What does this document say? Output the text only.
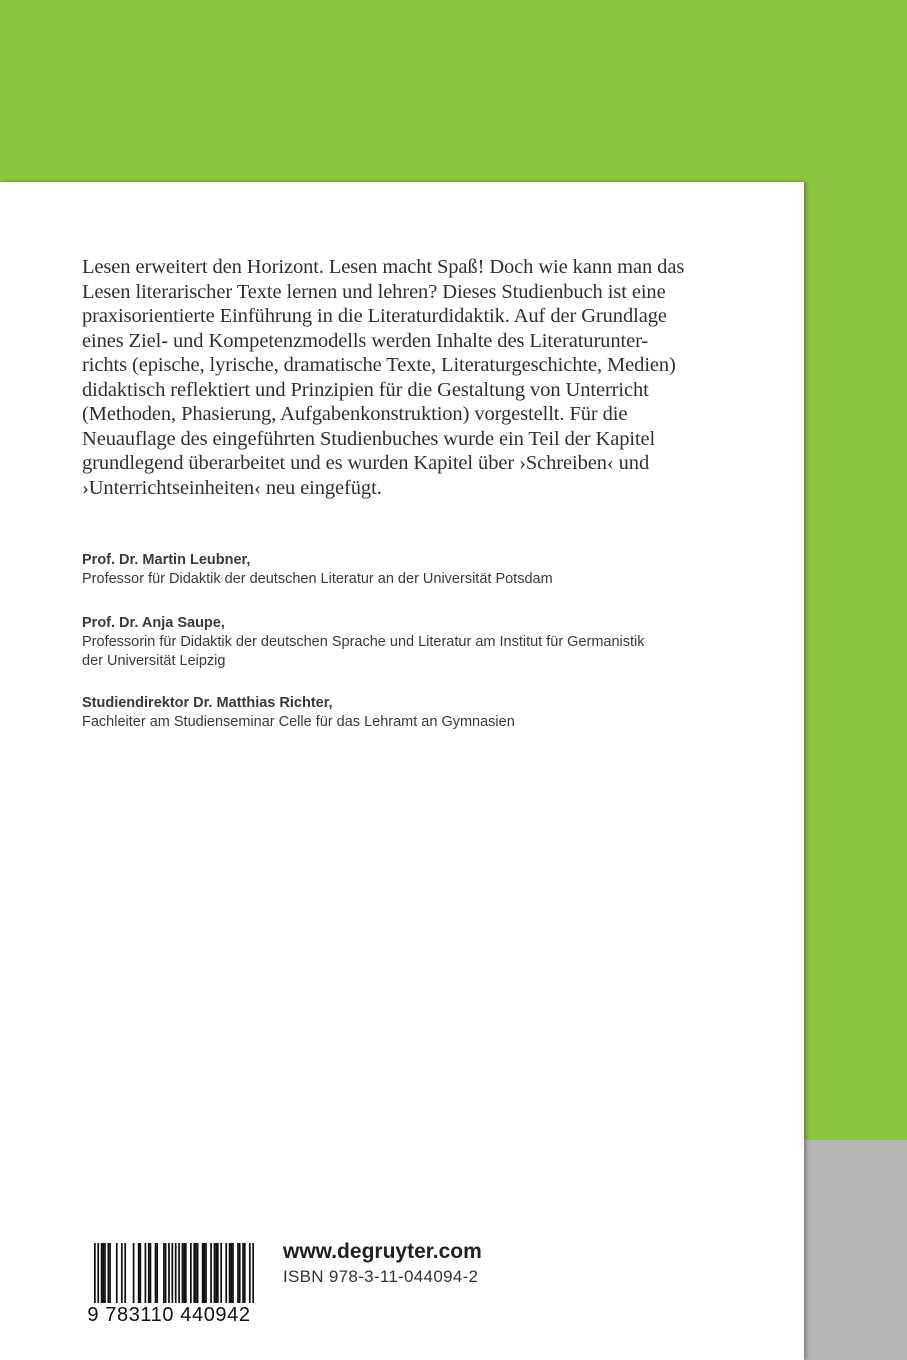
Lesen erweitert den Horizont. Lesen macht Spaß! Doch wie kann man das
Lesen literarischer Texte lernen und lehren? Dieses Studienbuch ist eine
praxisorientierte Einführung in die Literaturdidaktik. Auf der Grundlage
eines Ziel- und Kompetenzmodells werden Inhalte des Literaturunter-
richts (epische, lyrische, dramatische Texte, Literaturgeschichte, Medien)
didaktisch reflektiert und Prinzipien für die Gestaltung von Unterricht
(Methoden, Phasierung, Aufgabenkonstruktion) vorgestellt. Für die
Neuauflage des eingeführten Studienbuches wurde ein Teil der Kapitel
grundlegend überarbeitet und es wurden Kapitel über ›Schreiben‹ und
›Unterrichtseinheiten‹ neu eingefügt.

Prof. Dr. Martin Leubner,
Professor für Didaktik der deutschen Literatur an der Universität Potsdam
Prof. Dr. Anja Saupe,
Professorin für Didaktik der deutschen Sprache und Literatur am Institut für Germanistik
der Universität Leipzig
Studiendirektor Dr. Matthias Richter,
Fachleiter am Studienseminar Celle für das Lehramt an Gymnasien
9 783110 440942
www.degruyter.com
ISBN 978-3-11-044094-2
